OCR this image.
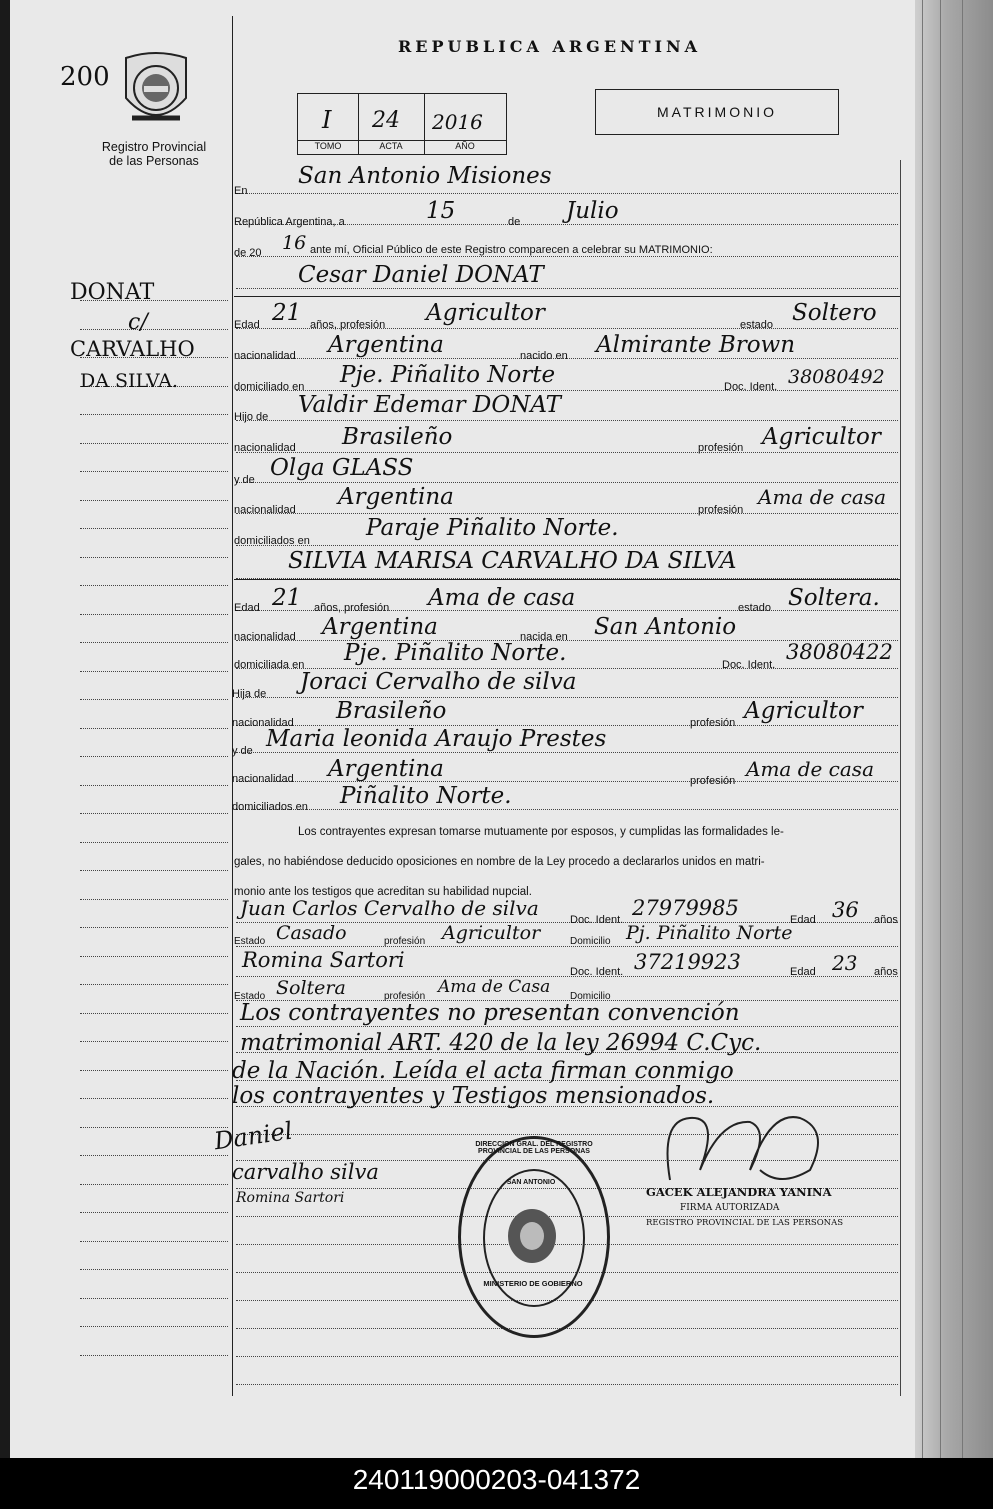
200
Registro Provincial
de las Personas
DONAT
c/
CARVALHO
DA SILVA.
REPUBLICA ARGENTINA
I
TOMO
24
ACTA
2016
AÑO
MATRIMONIO
En
San Antonio Misiones
República Argentina, a	15	de Julio
de 20 16 ante mí, Oficial Público de este Registro comparecen a celebrar su MATRIMONIO:
Cesar Daniel DONAT
Edad 21 años, profesión Agricultor	estado Soltero
nacionalidad Argentina	nacido en Almirante Brown
domiciliado en Pje. Piñalito Norte	Doc. Ident. 38080492
Hijo de Valdir Edemar DONAT
nacionalidad Brasileño	profesión Agricultor
y de Olga GLASS
nacionalidad Argentina	profesión
Ama de casa
domiciliados en Paraje Piñalito Norte.
SILVIA MARISA CARVALHO DA SILVA
Edad 21 años, profesión Ama de casa	estado Soltera.
nacionalidad Argentina	nacida en San Antonio
domiciliada en Pje. Piñalito Norte.	Doc. Ident.
38080422
Hija de Joraci Cervalho de silva
nacionalidad Brasileño	profesión Agricultor
y de Maria leonida Araujo Prestes
nacionalidad Argentina	profesión Ama de casa
domiciliados en Piñalito Norte.
Los contrayentes expresan tomarse mutuamente por esposos, y cumplidas las formalidades le-
gales, no habiéndose deducido oposiciones en nombre de la Ley procedo a declararlos unidos en matri-
monio ante los testigos que acreditan su habilidad nupcial.
Juan Carlos Cervalho de silva	Doc. Ident. 27979985	Edad 36 años
Estado Casado	profesión Agricultor	Domicilio Pj. Piñalito Norte
Romina Sartori	Doc. Ident. 37219923	Edad 23 años
Estado Soltera	profesión Ama de Casa Domicilio
Los contrayentes no presentan convención
matrimonial ART. 420 de la ley 26994 C.Cyc.
de la Nación. Leída el acta firman conmigo
los contrayentes y Testigos mensionados.
Daniel
carvalho silva
Romina Sartori	GACEK ALEJANDRA YANINA
FIRMA AUTORIZADA
REGISTRO PROVINCIAL DE LAS PERSONAS
DIRECCION GRAL. DEL REGISTRO PROVINCIAL DE LAS PERSONAS
SAN ANTONIO
MINISTERIO DE GOBIERNO
240119000203-041372
